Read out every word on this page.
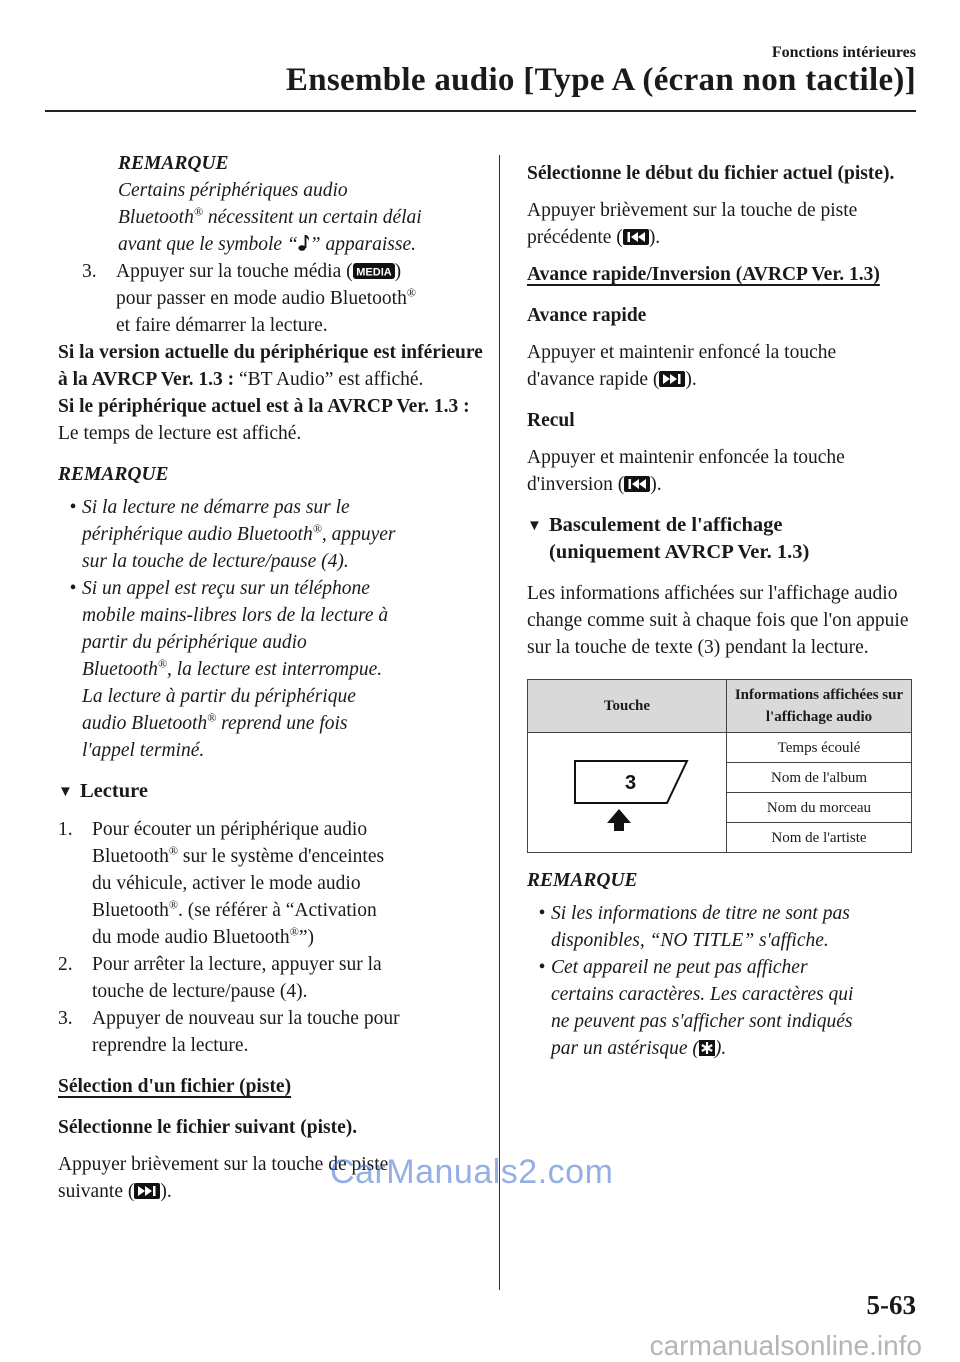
Fonctions intérieures
Ensemble audio [Type A (écran non tactile)]

REMARQUE

Certains périphériques audio

Bluetooth® nécessitent un certain délai

avant que le symbole “ ” apparaisse.

3. Appuyer sur la touche média ( MEDIA )

pour passer en mode audio Bluetooth®

et faire démarrer la lecture.

Si la version actuelle du périphérique est inférieure à la AVRCP Ver. 1.3 : “BT Audio” est affiché.

Si le périphérique actuel est à la AVRCP Ver. 1.3 : Le temps de lecture est affiché.

REMARQUE

• Si la lecture ne démarre pas sur le

périphérique audio Bluetooth®, appuyer

sur la touche de lecture/pause (4).

• Si un appel est reçu sur un téléphone

mobile mains-libres lors de la lecture à

partir du périphérique audio

Bluetooth®, la lecture est interrompue.

La lecture à partir du périphérique

audio Bluetooth® reprend une fois

l'appel terminé.

▼ Lecture
1. Pour écouter un périphérique audio

Bluetooth® sur le système d'enceintes

du véhicule, activer le mode audio

Bluetooth®. (se référer à “Activation

du mode audio Bluetooth®”)

2. Pour arrêter la lecture, appuyer sur la

touche de lecture/pause (4).

3. Appuyer de nouveau sur la touche pour

reprendre la lecture.

Sélection d'un fichier (piste)

Sélectionne le fichier suivant (piste).

Appuyer brièvement sur la touche de piste

suivante ( ).

Sélectionne le début du fichier actuel (piste).

Appuyer brièvement sur la touche de piste

précédente ( ).

Avance rapide/Inversion (AVRCP Ver. 1.3)

Avance rapide

Appuyer et maintenir enfoncé la touche

d'avance rapide ( ).

Recul

Appuyer et maintenir enfoncée la touche

d'inversion ( ).

▼ Basculement de l'affichage

(uniquement AVRCP Ver. 1.3)

Les informations affichées sur l'affichage audio change comme suit à chaque fois que l'on appuie sur la touche de texte (3) pendant la lecture.

Touche	Informations affichées sur l'affichage audio

3	Temps écoulé
	Nom de l'album
	Nom du morceau
	Nom de l'artiste

REMARQUE

• Si les informations de titre ne sont pas

disponibles, “NO TITLE” s'affiche.

• Cet appareil ne peut pas afficher

certains caractères. Les caractères qui

ne peuvent pas s'afficher sont indiqués

par un astérisque ( ).

CarManuals2.com
5-63
carmanualsonline.info
